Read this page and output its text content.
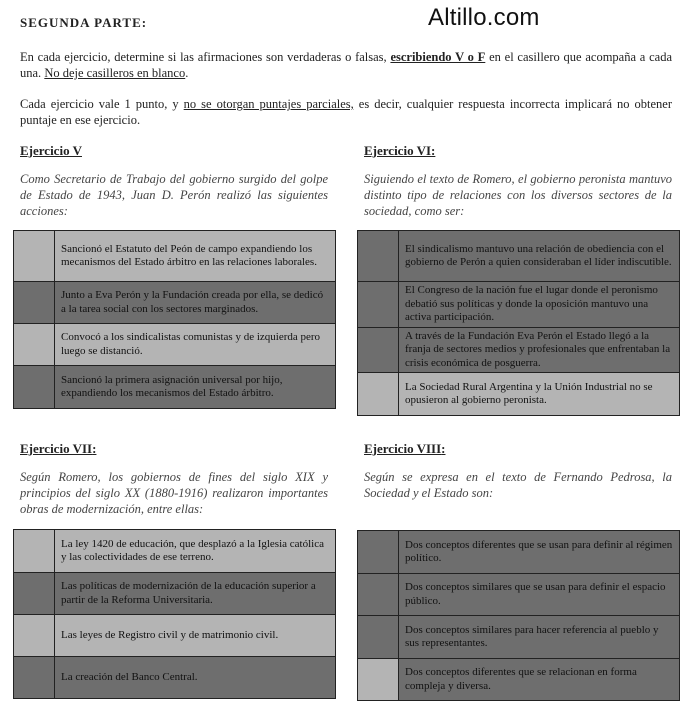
Altillo.com
SEGUNDA PARTE:
En cada ejercicio, determine si las afirmaciones son verdaderas o falsas, escribiendo V o F en el casillero que acompaña a cada una. No deje casilleros en blanco.
Cada ejercicio vale 1 punto, y no se otorgan puntajes parciales, es decir, cualquier respuesta incorrecta implicará no obtener puntaje en ese ejercicio.
Ejercicio V
Como Secretario de Trabajo del gobierno surgido del golpe de Estado de 1943, Juan D. Perón realizó las siguientes acciones:
	Sancionó el Estatuto del Peón de campo expandiendo los mecanismos del Estado árbitro en las relaciones laborales.
	Junto a Eva Perón y la Fundación creada por ella, se dedicó a la tarea social con los sectores marginados.
	Convocó a los sindicalistas comunistas y de izquierda pero luego se distanció.
	Sancionó la primera asignación universal por hijo, expandiendo los mecanismos del Estado árbitro.
Ejercicio VI:
Siguiendo el texto de Romero, el gobierno peronista mantuvo distinto tipo de relaciones con los diversos sectores de la sociedad, como ser:
	El sindicalismo mantuvo una relación de obediencia con el gobierno de Perón a quien consideraban el líder indiscutible.
	El Congreso de la nación fue el lugar donde el peronismo debatió sus políticas y donde la oposición mantuvo una activa participación.
	A través de la Fundación Eva Perón el Estado llegó a la franja de sectores medios y profesionales que enfrentaban la crisis económica de posguerra.
	La Sociedad Rural Argentina y la Unión Industrial no se opusieron al gobierno peronista.
Ejercicio VII:
Según Romero, los gobiernos de fines del siglo XIX y principios del siglo XX (1880-1916) realizaron importantes obras de modernización, entre ellas:
	La ley 1420 de educación, que desplazó a la Iglesia católica y las colectividades de ese terreno.
	Las políticas de modernización de la educación superior a partir de la Reforma Universitaria.
	Las leyes de Registro civil y de matrimonio civil.
	La creación del Banco Central.
Ejercicio VIII:
Según se expresa en el texto de Fernando Pedrosa, la Sociedad y el Estado son:
	Dos conceptos diferentes que se usan para definir al régimen político.
	Dos conceptos similares que se usan para definir el espacio público.
	Dos conceptos similares para hacer referencia al pueblo y sus representantes.
	Dos conceptos diferentes que se relacionan en forma compleja y diversa.
